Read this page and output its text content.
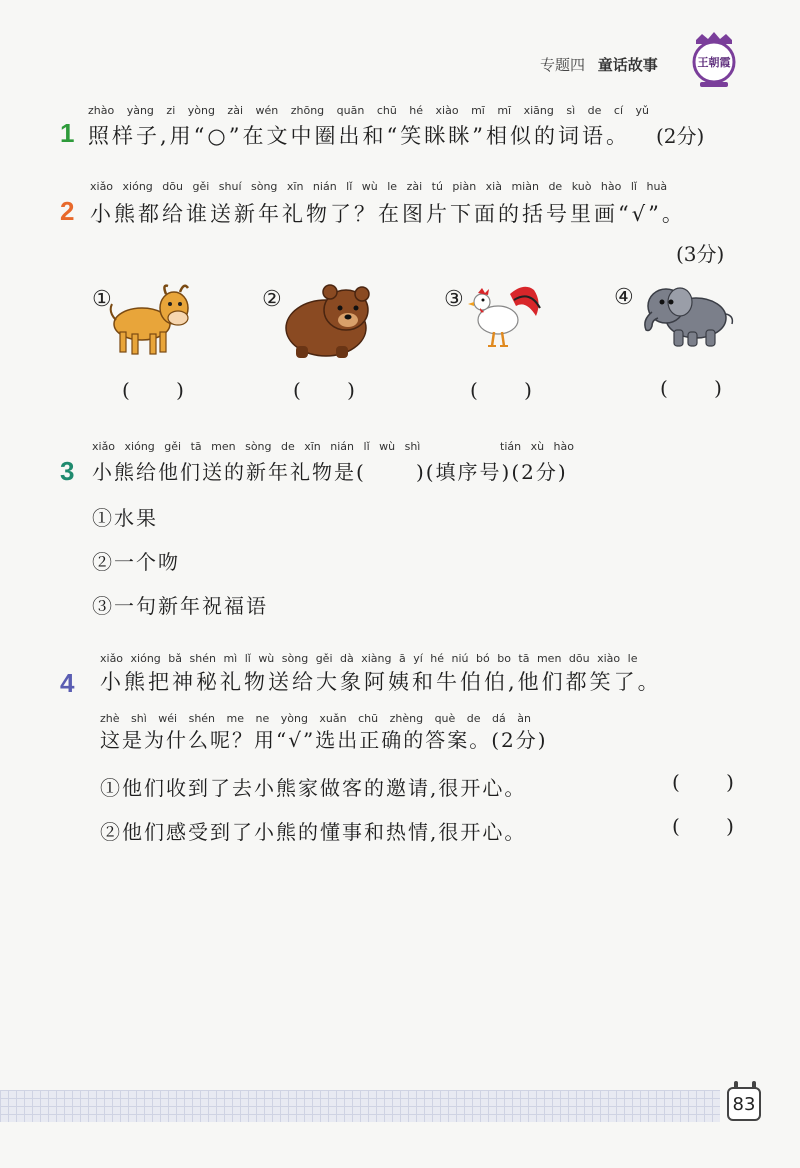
专题四 童话故事	王朝霞
1
zhào yàng zi yòng zài wén zhōng quān chū hé xiào mī mī xiāng sì de cí yǔ
照样子,用“○”在文中圈出和“笑眯眯”相似的词语。 (2分)
2
xiǎo xióng dōu gěi shuí sòng xīn nián lǐ wù le zài tú piàn xià miàn de kuò hào lǐ huà
小熊都给谁送新年礼物了？在图片下面的括号里画“√”。
(3分)
①	②	③	④
( )	( )	( )	( )
3
xiǎo xióng gěi tā men sòng de xīn nián lǐ wù shì	tián xù hào
小熊给他们送的新年礼物是(      )(填序号)(2分)
①水果
②一个吻
③一句新年祝福语
4
xiǎo xióng bǎ shén mì lǐ wù sòng gěi dà xiàng ā yí hé niú bó bo tā men dōu xiào le
小熊把神秘礼物送给大象阿姨和牛伯伯,他们都笑了。
zhè shì wéi shén me ne yòng xuǎn chū zhèng què de dá àn
这是为什么呢？用“√”选出正确的答案。(2分)
①他们收到了去小熊家做客的邀请,很开心。	( )
②他们感受到了小熊的懂事和热情,很开心。	( )
83
